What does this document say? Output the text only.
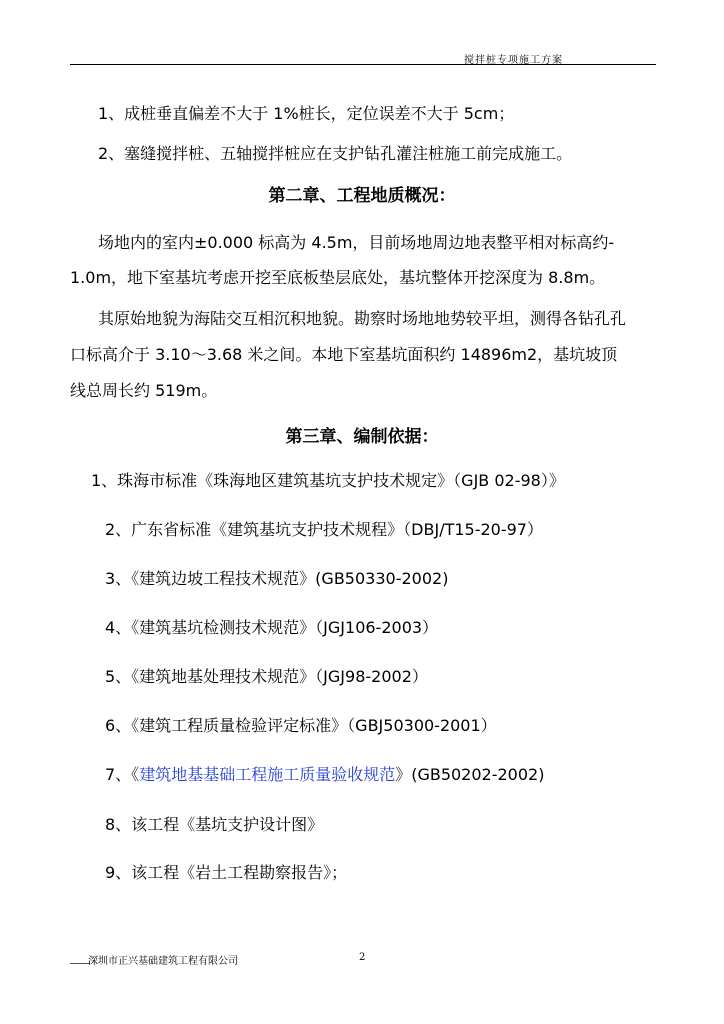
搅拌桩专项施工方案
1、成桩垂直偏差不大于 1%桩长，定位误差不大于 5cm；
2、塞缝搅拌桩、五轴搅拌桩应在支护钻孔灌注桩施工前完成施工。
第二章、工程地质概况：
场地内的室内±0.000 标高为 4.5m，目前场地周边地表整平相对标高约-
1.0m，地下室基坑考虑开挖至底板垫层底处，基坑整体开挖深度为 8.8m。
其原始地貌为海陆交互相沉积地貌。勘察时场地地势较平坦，测得各钻孔孔
口标高介于 3.10～3.68 米之间。本地下室基坑面积约 14896m2，基坑坡顶
线总周长约 519m。
第三章、编制依据：
1、珠海市标准《珠海地区建筑基坑支护技术规定》（GJB 02-98）》
2、广东省标准《建筑基坑支护技术规程》（DBJ/T15-20-97）
3、《建筑边坡工程技术规范》(GB50330-2002)
4、《建筑基坑检测技术规范》（JGJ106-2003）
5、《建筑地基处理技术规范》（JGJ98-2002）
6、《建筑工程质量检验评定标准》（GBJ50300-2001）
7、《建筑地基基础工程施工质量验收规范》(GB50202-2002)
8、该工程《基坑支护设计图》
9、该工程《岩土工程勘察报告》；
深圳市正兴基础建筑工程有限公司	2
